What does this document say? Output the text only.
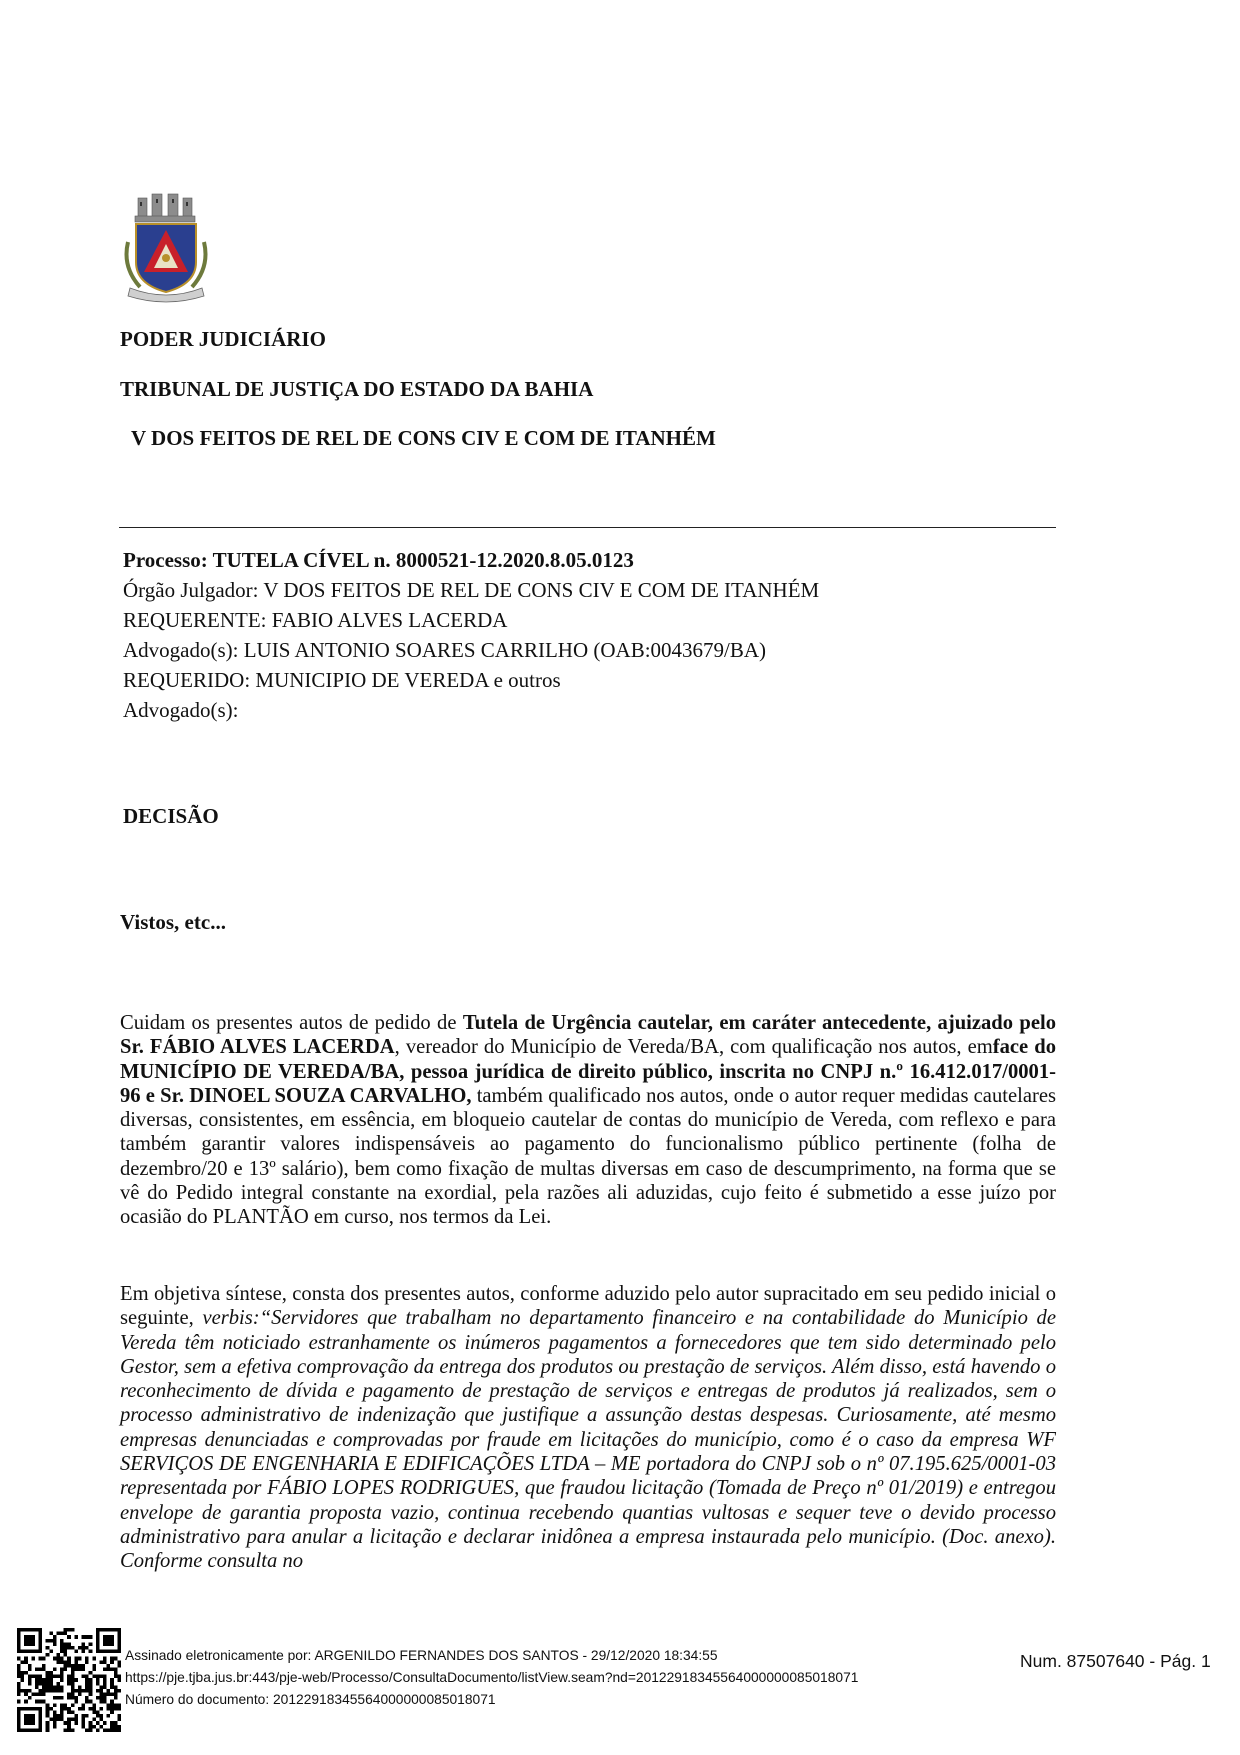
PODER JUDICIÁRIO
TRIBUNAL DE JUSTIÇA DO ESTADO DA BAHIA
V DOS FEITOS DE REL DE CONS CIV E COM DE ITANHÉM
Processo: TUTELA CÍVEL n. 8000521-12.2020.8.05.0123
Órgão Julgador: V DOS FEITOS DE REL DE CONS CIV E COM DE ITANHÉM
REQUERENTE: FABIO ALVES LACERDA
Advogado(s): LUIS ANTONIO SOARES CARRILHO (OAB:0043679/BA)
REQUERIDO: MUNICIPIO DE VEREDA e outros
Advogado(s):
DECISÃO
Vistos, etc...
Cuidam os presentes autos de pedido de Tutela de Urgência cautelar, em caráter antecedente, ajuizado pelo Sr. FÁBIO ALVES LACERDA, vereador do Município de Vereda/BA, com qualificação nos autos, emface do MUNICÍPIO DE VEREDA/BA, pessoa jurídica de direito público, inscrita no CNPJ n.º 16.412.017/0001-96 e Sr. DINOEL SOUZA CARVALHO, também qualificado nos autos, onde o autor requer medidas cautelares diversas, consistentes, em essência, em bloqueio cautelar de contas do município de Vereda, com reflexo e para também garantir valores indispensáveis ao pagamento do funcionalismo público pertinente (folha de dezembro/20 e 13º salário), bem como fixação de multas diversas em caso de descumprimento, na forma que se vê do Pedido integral constante na exordial, pela razões ali aduzidas, cujo feito é submetido a esse juízo por ocasião do PLANTÃO em curso, nos termos da Lei.
Em objetiva síntese, consta dos presentes autos, conforme aduzido pelo autor supracitado em seu pedido inicial o seguinte, verbis:“Servidores que trabalham no departamento financeiro e na contabilidade do Município de Vereda têm noticiado estranhamente os inúmeros pagamentos a fornecedores que tem sido determinado pelo Gestor, sem a efetiva comprovação da entrega dos produtos ou prestação de serviços. Além disso, está havendo o reconhecimento de dívida e pagamento de prestação de serviços e entregas de produtos já realizados, sem o processo administrativo de indenização que justifique a assunção destas despesas. Curiosamente, até mesmo empresas denunciadas e comprovadas por fraude em licitações do município, como é o caso da empresa WF SERVIÇOS DE ENGENHARIA E EDIFICAÇÕES LTDA – ME portadora do CNPJ sob o nº 07.195.625/0001-03 representada por FÁBIO LOPES RODRIGUES, que fraudou licitação (Tomada de Preço nº 01/2019) e entregou envelope de garantia proposta vazio, continua recebendo quantias vultosas e sequer teve o devido processo administrativo para anular a licitação e declarar inidônea a empresa instaurada pelo município. (Doc. anexo). Conforme consulta no
Assinado eletronicamente por: ARGENILDO FERNANDES DOS SANTOS - 29/12/2020 18:34:55
https://pje.tjba.jus.br:443/pje-web/Processo/ConsultaDocumento/listView.seam?nd=20122918345564000000085018071
Número do documento: 20122918345564000000085018071
Num. 87507640 - Pág. 1
